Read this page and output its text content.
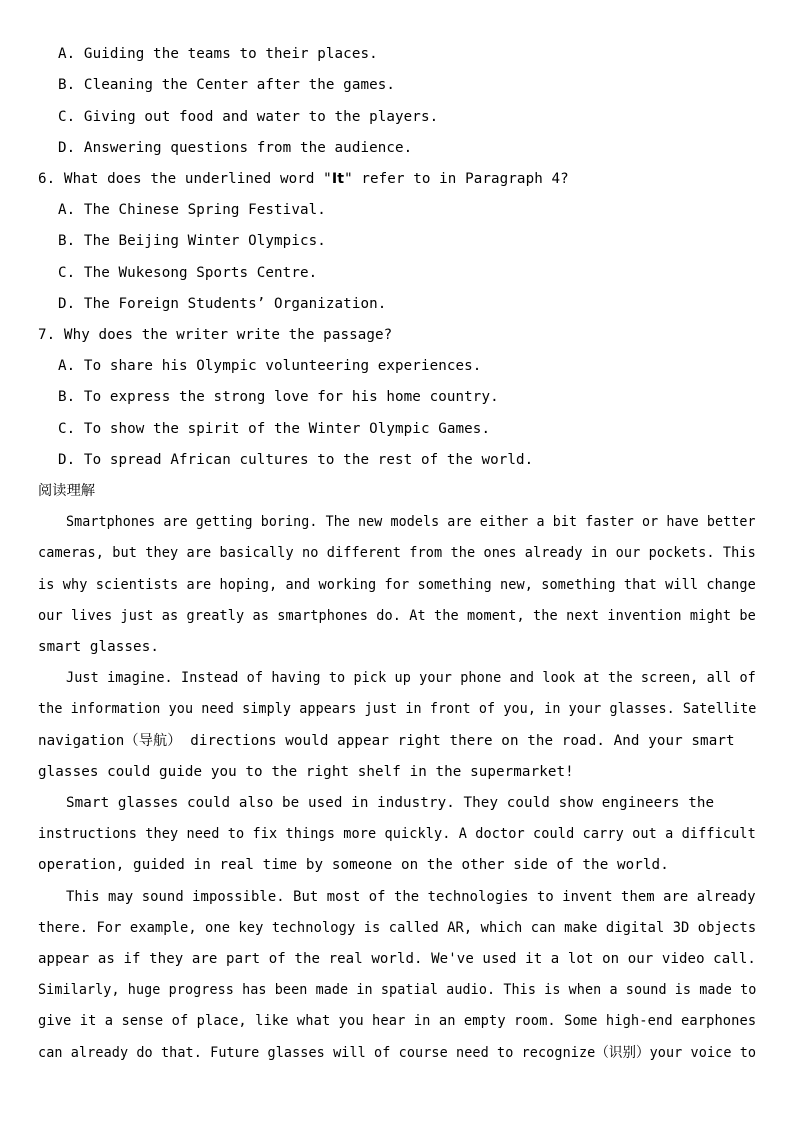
A. Guiding the teams to their places.
B. Cleaning the Center after the games.
C. Giving out food and water to the players.
D. Answering questions from the audience.
6. What does the underlined word "It" refer to in Paragraph 4?
A. The Chinese Spring Festival.
B. The Beijing Winter Olympics.
C. The Wukesong Sports Centre.
D. The Foreign Students’ Organization.
7. Why does the writer write the passage?
A. To share his Olympic volunteering experiences.
B. To express the strong love for his home country.
C. To show the spirit of the Winter Olympic Games.
D. To spread African cultures to the rest of the world.
阅读理解
Smartphones are getting boring. The new models are either a bit faster or have better
cameras, but they are basically no different from the ones already in our pockets. This
is why scientists are hoping, and working for something new, something that will change
our lives just as greatly as smartphones do. At the moment, the next invention might be
smart glasses.
Just imagine. Instead of having to pick up your phone and look at the screen, all of
the information you need simply appears just in front of you, in your glasses. Satellite
navigation（导航） directions would appear right there on the road. And your smart
glasses could guide you to the right shelf in the supermarket!
Smart glasses could also be used in industry. They could show engineers the
instructions they need to fix things more quickly. A doctor could carry out a difficult
operation, guided in real time by someone on the other side of the world.
This may sound impossible. But most of the technologies to invent them are already
there. For example, one key technology is called AR, which can make digital 3D objects
appear as if they are part of the real world. We've used it a lot on our video call.
Similarly, huge progress has been made in spatial audio. This is when a sound is made to
give it a sense of place, like what you hear in an empty room. Some high-end earphones
can already do that. Future glasses will of course need to recognize（识别）your voice to
